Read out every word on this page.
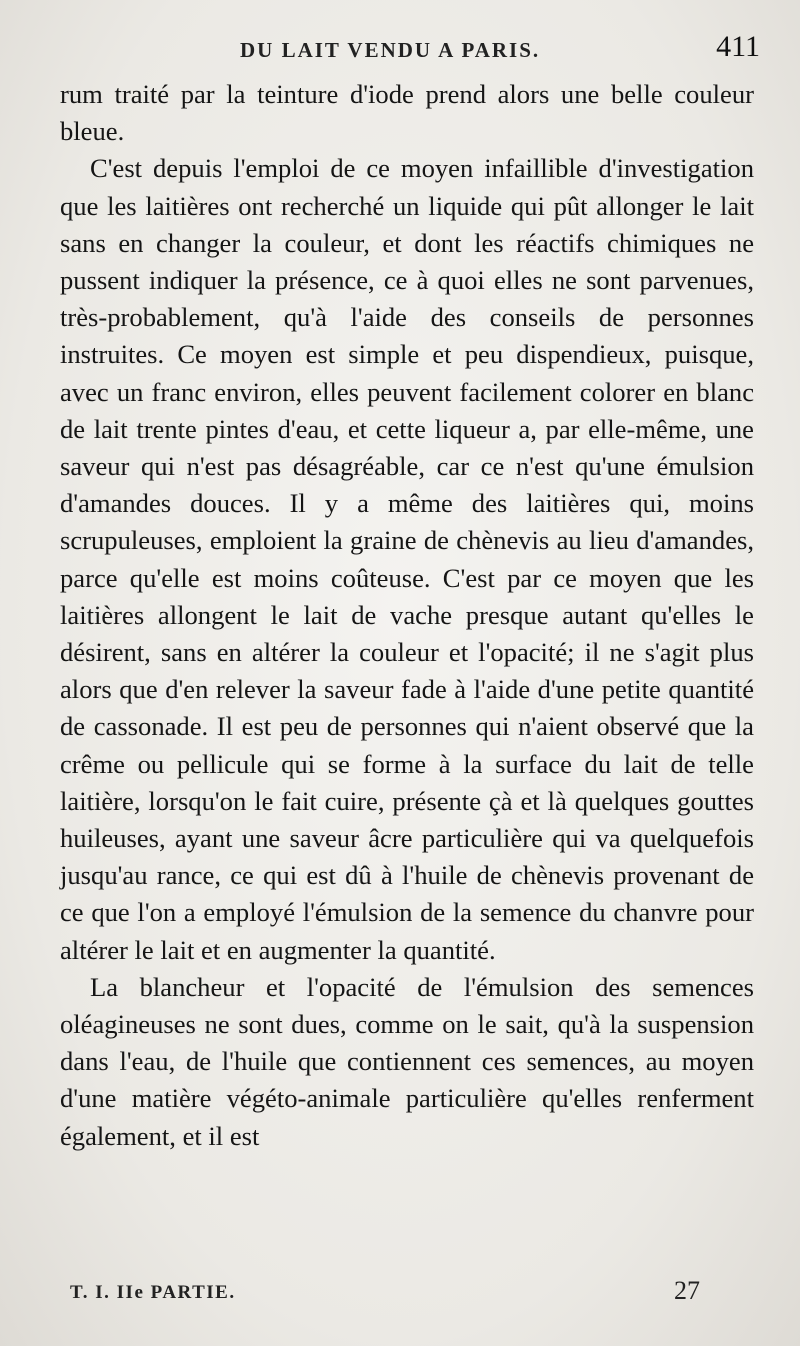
DU LAIT VENDU A PARIS.	411

rum traité par la teinture d'iode prend alors une belle couleur bleue.

C'est depuis l'emploi de ce moyen infaillible d'investigation que les laitières ont recherché un liquide qui pût allonger le lait sans en changer la couleur, et dont les réactifs chimiques ne pussent indiquer la présence, ce à quoi elles ne sont parvenues, très-probablement, qu'à l'aide des conseils de personnes instruites. Ce moyen est simple et peu dispendieux, puisque, avec un franc environ, elles peuvent facilement colorer en blanc de lait trente pintes d'eau, et cette liqueur a, par elle-même, une saveur qui n'est pas désagréable, car ce n'est qu'une émulsion d'amandes douces. Il y a même des laitières qui, moins scrupuleuses, emploient la graine de chènevis au lieu d'amandes, parce qu'elle est moins coûteuse. C'est par ce moyen que les laitières allongent le lait de vache presque autant qu'elles le désirent, sans en altérer la couleur et l'opacité; il ne s'agit plus alors que d'en relever la saveur fade à l'aide d'une petite quantité de cassonade. Il est peu de personnes qui n'aient observé que la crême ou pellicule qui se forme à la surface du lait de telle laitière, lorsqu'on le fait cuire, présente çà et là quelques gouttes huileuses, ayant une saveur âcre particulière qui va quelquefois jusqu'au rance, ce qui est dû à l'huile de chènevis provenant de ce que l'on a employé l'émulsion de la semence du chanvre pour altérer le lait et en augmenter la quantité.

La blancheur et l'opacité de l'émulsion des semences oléagineuses ne sont dues, comme on le sait, qu'à la suspension dans l'eau, de l'huile que contiennent ces semences, au moyen d'une matière végéto-animale particulière qu'elles renferment également, et il est

T. I. IIe PARTIE.	27
